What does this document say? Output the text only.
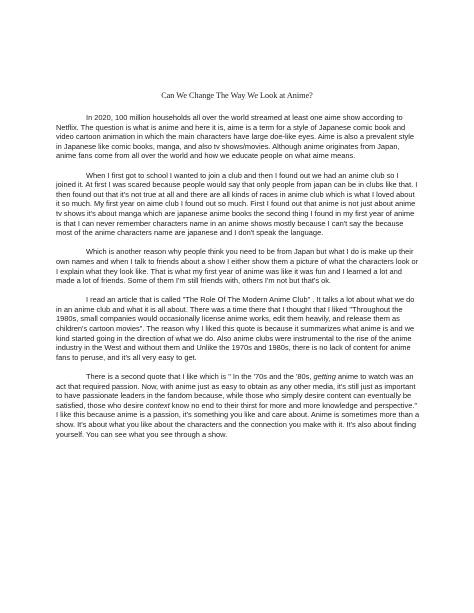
Can We Change The Way We Look at Anime?

In 2020, 100 million households all over the world streamed at least one aime show according to Netflix. The question is what is anime and here it is, aime is a term for a style of Japanese comic book and video cartoon animation in which the main characters have large doe-like eyes. Aime is also a prevalent style in Japanese like comic books, manga, and also tv shows/movies. Although anime originates from Japan, anime fans come from all over the world and how we educate people on what aime means.

When I first got to school I wanted to join a club and then I found out we had an anime club so I joined it. At first I was scared because people would say that only people from japan can be in clubs like that. I then found out that it's not true at all and there are all kinds of races in anime club which is what I loved about it so much. My first year on aime club I found out so much. First I found out that anime is not just about anime tv shows it's about manga which are japanese anime books the second thing I found in my first year of anime is that I can never remember characters name in an anime shows mostly because I can't say the because most of the anime characters name are japanese and I don't speak the language.

Which is another reason why people think you need to be from Japan but what I do is make up their own names and when I talk to friends about a show I either show them a picture of what the characters look or I explain what they look like. That is what my first year of anime was like it was fun and I learned a lot and made a lot of friends. Some of them I'm still friends with, others I'm not but that's ok.

I read an article that is called "The Role Of The Modern Anime Club" . It talks a lot about what we do in an anime club and what it is all about. There was a time there that I thought that I liked "Throughout the 1980s, small companies would occasionally license anime works, edit them heavily, and release them as children's cartoon movies". The reason why I liked this quote is because it summarizes what anime is and we kind started going in the direction of what we do. Also anime clubs were instrumental to the rise of the anime industry in the West and without them and Unlike the 1970s and 1980s, there is no lack of content for anime fans to peruse, and it's all very easy to get.

There is a second quote that I like which is " In the '70s and the '80s, getting anime to watch was an act that required passion. Now, with anime just as easy to obtain as any other media, it's still just as important to have passionate leaders in the fandom because, while those who simply desire content can eventually be satisfied, those who desire context know no end to their thirst for more and more knowledge and perspective." I like this because anime is a passion, it's something you like and care about. Anime is sometimes more than a show. It's about what you like about the characters and the connection you make with it. It's also about finding yourself. You can see what you see through a show.
